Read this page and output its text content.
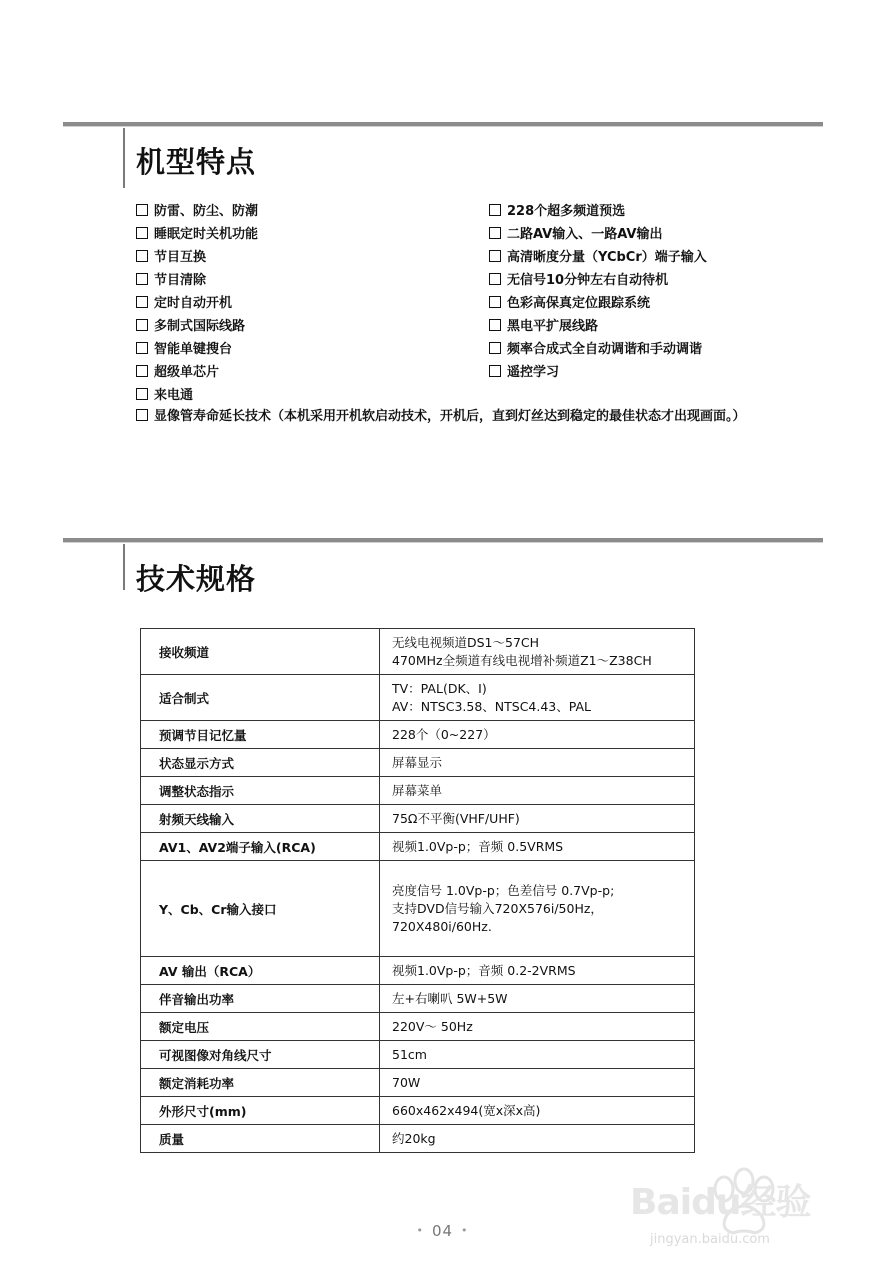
机型特点
防雷、防尘、防潮
睡眠定时关机功能
节目互换
节目清除
定时自动开机
多制式国际线路
智能单键搜台
超级单芯片
来电通
228个超多频道预选
二路AV输入、一路AV输出
高清晰度分量（YCbCr）端子输入
无信号10分钟左右自动待机
色彩高保真定位跟踪系统
黑电平扩展线路
频率合成式全自动调谐和手动调谐
遥控学习
显像管寿命延长技术（本机采用开机软启动技术，开机后，直到灯丝达到稳定的最佳状态才出现画面。）
技术规格
接收频道	无线电视频道DS1～57CH
470MHz全频道有线电视增补频道Z1～Z38CH

适合制式	TV：PAL(DK、I)
AV：NTSC3.58、NTSC4.43、PAL

预调节目记忆量	228个（0~227）

状态显示方式	屏幕显示

调整状态指示	屏幕菜单

射频天线输入	75Ω不平衡(VHF/UHF)

AV1、AV2端子输入(RCA)	视频1.0Vp-p；音频 0.5VRMS

Y、Cb、Cr输入接口	亮度信号 1.0Vp-p；色差信号 0.7Vp-p;
支持DVD信号输入720X576i/50Hz，
720X480i/60Hz.

AV 输出（RCA）	视频1.0Vp-p；音频 0.2-2VRMS

伴音输出功率	左+右喇叭 5W+5W

额定电压	220V～ 50Hz

可视图像对角线尺寸	51cm

额定消耗功率	70W

外形尺寸(mm)	660x462x494(宽x深x高)

质量	约20kg
• 04 •
Baidu经验
jingyan.baidu.com
